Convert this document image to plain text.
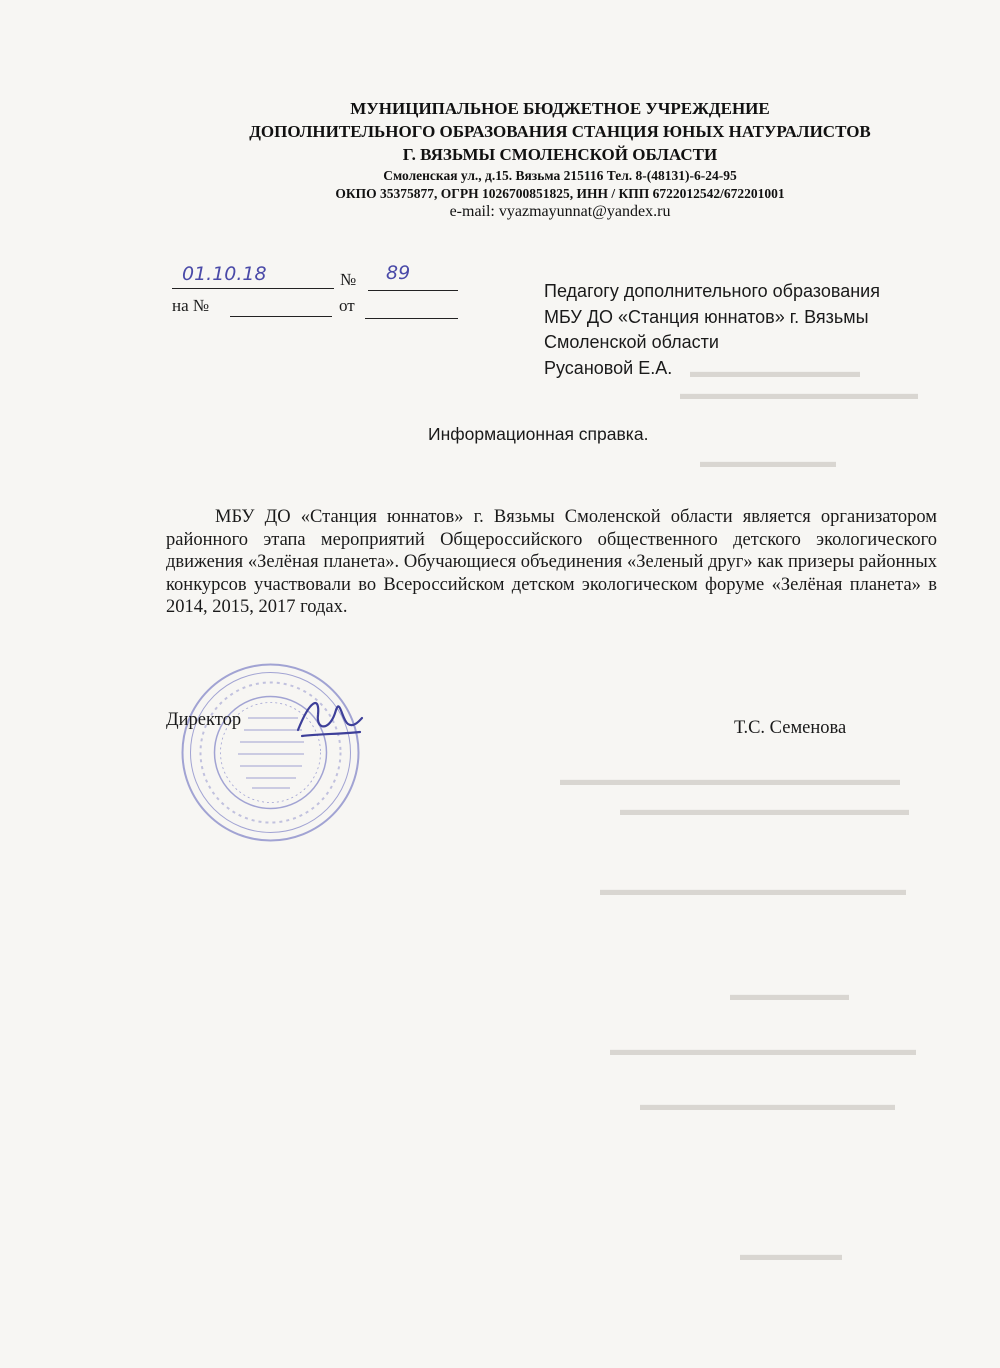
▬▬▬▬▬▬▬▬▬▬
▬▬▬▬▬▬▬▬▬▬▬▬▬▬
▬▬▬▬▬▬▬▬
▬▬▬▬▬▬▬▬▬▬▬▬▬▬▬▬▬▬▬▬
▬▬▬▬▬▬▬▬▬▬▬▬▬▬▬▬▬
▬▬▬▬▬▬▬▬▬▬▬▬▬▬▬▬▬▬
▬▬▬▬▬▬▬
▬▬▬▬▬▬▬▬▬▬▬▬▬▬▬▬▬▬
▬▬▬▬▬▬▬▬▬▬▬▬▬▬▬
▬▬▬▬▬▬
МУНИЦИПАЛЬНОЕ БЮДЖЕТНОЕ УЧРЕЖДЕНИЕ
ДОПОЛНИТЕЛЬНОГО ОБРАЗОВАНИЯ СТАНЦИЯ ЮНЫХ НАТУРАЛИСТОВ
Г. ВЯЗЬМЫ СМОЛЕНСКОЙ ОБЛАСТИ
Смоленская ул., д.15. Вязьма 215116 Тел. 8-(48131)-6-24-95
ОКПО 35375877, ОГРН 1026700851825, ИНН / КПП 6722012542/672201001
e-mail: vyazmayunnat@yandex.ru
01.10.18	№ 89
на №	от
Педагогу дополнительного образования
МБУ ДО «Станция юннатов» г. Вязьмы
Смоленской области
Русановой Е.А.
Информационная справка.
МБУ ДО «Станция юннатов» г. Вязьмы Смоленской области является организатором районного этапа мероприятий Общероссийского общественного детского экологического движения «Зелёная планета». Обучающиеся объединения «Зеленый друг» как призеры районных конкурсов участвовали во Всероссийском детском экологическом форуме «Зелёная планета» в 2014, 2015, 2017 годах.
Директор	Т.С. Семенова
